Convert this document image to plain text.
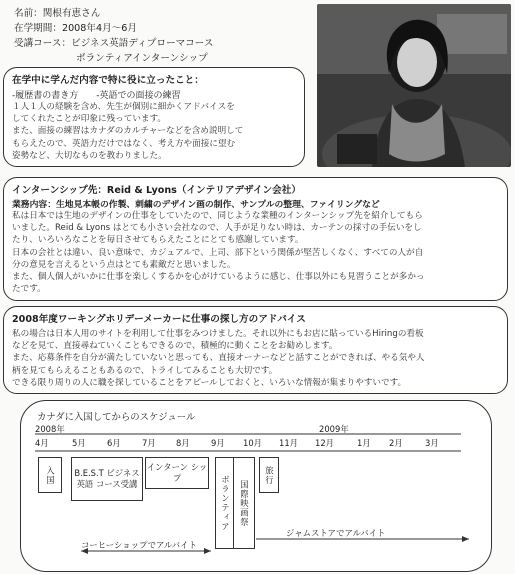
名前：関根有恵さん
在学期間：2008年4月～6月
受講コース：ビジネス英語ディプローマコース
ボランティアインターンシップ
在学中に学んだ内容で特に役に立ったこと：
-履歴書の書き方　　-英語での面接の練習
１人１人の経験を含め、先生が個別に細かくアドバイスを
してくれたことが印象に残っています。
また、面接の練習はカナダのカルチャーなどを含め説明して
もらえたので、英語力だけではなく、考え方や面接に望む
姿勢など、大切なものを教わりました。
インターンシップ先：Reid & Lyons（インテリアデザイン会社）
業務内容：生地見本帳の作製、刺繍のデザイン画の制作、サンプルの整理、ファイリングなど
私は日本では生地のデザインの仕事をしていたので、同じような業種のインターンシップ先を紹介してもら
いました。Reid & Lyons はとても小さい会社なので、人手が足りない時は、カーテンの採寸の手伝いをし
たり、いろいろなことを毎日させてもらえたことにとても感謝しています。
日本の会社とは違い、良い意味で、カジュアルで、上司、部下という関係が堅苦しくなく、すべての人が自
分の意見を言えるという点はとても素敵だと思いました。
また、個人個人がいかに仕事を楽しくするかを心がけているように感じ、仕事以外にも見習うことが多かっ
たです。
2008年度ワーキングホリデーメーカーに仕事の探し方のアドバイス
私の場合は日本人用のサイトを利用して仕事をみつけました。それ以外にもお店に貼っているHiringの看板
などを見て、直接尋ねていくこともできるので、積極的に動くことをお勧めします。
また、応募条件を自分が満たしていないと思っても、直接オーナーなどと話すことができれば、やる気や人
柄を見てもらえることもあるので、トライしてみることも大切です。
できる限り周りの人に職を探していることをアピールしておくと、いろいな情報が集まりやすいです。
カナダに入国してからのスケジュール
2008年	2009年
4月	5月	6月	7月 8月	9月 10月 11月 12月	1月 2月	3月
入国	B.E.S.T ビジネス英語 コース受講
インターン シップ	ボランティア	国際映画祭
旅行
コーヒーショップでアルバイト
ジャムストアでアルバイト
